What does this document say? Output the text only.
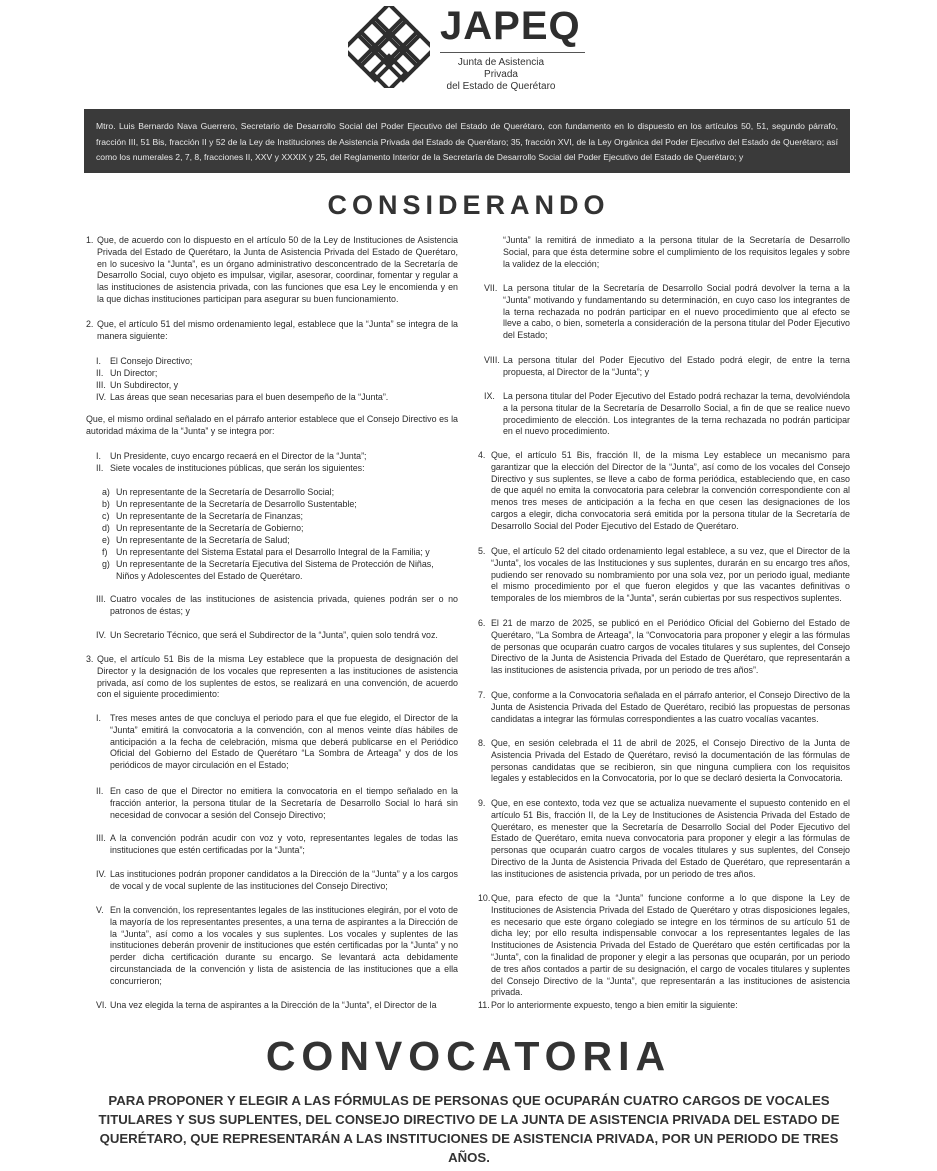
JAPEQ
Junta de Asistencia Privada
del Estado de Querétaro

Mtro. Luis Bernardo Nava Guerrero, Secretario de Desarrollo Social del Poder Ejecutivo del Estado de Querétaro, con fundamento en lo dispuesto en los artículos 50, 51, segundo párrafo, fracción III, 51 Bis, fracción II y 52 de la Ley de Instituciones de Asistencia Privada del Estado de Querétaro; 35, fracción XVI, de la Ley Orgánica del Poder Ejecutivo del Estado de Querétaro; así como los numerales 2, 7, 8, fracciones II, XXV y XXXIX y 25, del Reglamento Interior de la Secretaría de Desarrollo Social del Poder Ejecutivo del Estado de Querétaro; y

CONSIDERANDO
1. Que, de acuerdo con lo dispuesto en el artículo 50 de la Ley de Instituciones de Asistencia Privada del Estado de Querétaro, la Junta de Asistencia Privada del Estado de Querétaro, en lo sucesivo la “Junta”, es un órgano administrativo desconcentrado de la Secretaría de Desarrollo Social, cuyo objeto es impulsar, vigilar, asesorar, coordinar, fomentar y regular a las instituciones de asistencia privada, con las funciones que esa Ley le encomienda y en la que dichas instituciones participan para asegurar su buen funcionamiento.

2. Que, el artículo 51 del mismo ordenamiento legal, establece que la “Junta” se integra de la manera siguiente:

I. El Consejo Directivo;
II. Un Director;
III. Un Subdirector, y
IV. Las áreas que sean necesarias para el buen desempeño de la “Junta”.

Que, el mismo ordinal señalado en el párrafo anterior establece que el Consejo Directivo es la autoridad máxima de la “Junta” y se integra por:

I. Un Presidente, cuyo encargo recaerá en el Director de la “Junta”;
II. Siete vocales de instituciones públicas, que serán los siguientes:
a) Un representante de la Secretaría de Desarrollo Social;
b) Un representante de la Secretaría de Desarrollo Sustentable;
c) Un representante de la Secretaría de Finanzas;
d) Un representante de la Secretaría de Gobierno;
e) Un representante de la Secretaría de Salud;
f) Un representante del Sistema Estatal para el Desarrollo Integral de la Familia; y
g) Un representante de la Secretaría Ejecutiva del Sistema de Protección de Niñas, Niños y Adolescentes del Estado de Querétaro.

III. Cuatro vocales de las instituciones de asistencia privada, quienes podrán ser o no patronos de éstas; y

IV. Un Secretario Técnico, que será el Subdirector de la “Junta”, quien solo tendrá voz.

3. Que, el artículo 51 Bis de la misma Ley establece que la propuesta de designación del Director y la designación de los vocales que representen a las instituciones de asistencia privada, así como de los suplentes de estos, se realizará en una convención, de acuerdo con el siguiente procedimiento:

I.	Tres meses antes de que concluya el periodo para el que fue elegido, el Director de la “Junta” emitirá la convocatoria a la convención, con al menos veinte días hábiles de anticipación a la fecha de celebración, misma que deberá publicarse en el Periódico Oficial del Gobierno del Estado de Querétaro “La Sombra de Arteaga” y dos de los periódicos de mayor circulación en el Estado;

II. En caso de que el Director no emitiera la convocatoria en el tiempo señalado en la fracción anterior, la persona titular de la Secretaría de Desarrollo Social lo hará sin necesidad de convocar a sesión del Consejo Directivo;

III. A la convención podrán acudir con voz y voto, representantes legales de todas las instituciones que estén certificadas por la “Junta”;

IV. Las instituciones podrán proponer candidatos a la Dirección de la “Junta” y a los cargos de vocal y de vocal suplente de las instituciones del Consejo Directivo;

V. En la convención, los representantes legales de las instituciones elegirán, por el voto de la mayoría de los representantes presentes, a una terna de aspirantes a la Dirección de la “Junta”, así como a los vocales y sus suplentes. Los vocales y suplentes de las instituciones deberán provenir de instituciones que estén certificadas por la “Junta” y no perder dicha certificación durante su encargo. Se levantará acta debidamente circunstanciada de la convención y lista de asistencia de las instituciones que a ella concurrieron;

VI. Una vez elegida la terna de aspirantes a la Dirección de la “Junta”, el Director de la

“Junta” la remitirá de inmediato a la persona titular de la Secretaría de Desarrollo Social, para que ésta determine sobre el cumplimiento de los requisitos legales y sobre la validez de la elección;

VII. La persona titular de la Secretaría de Desarrollo Social podrá devolver la terna a la “Junta” motivando y fundamentando su determinación, en cuyo caso los integrantes de la terna rechazada no podrán participar en el nuevo procedimiento que al efecto se lleve a cabo, o bien, someterla a consideración de la persona titular del Poder Ejecutivo del Estado;

VIII. La persona titular del Poder Ejecutivo del Estado podrá elegir, de entre la terna propuesta, al Director de la “Junta”; y

IX. La persona titular del Poder Ejecutivo del Estado podrá rechazar la terna, devolviéndola a la persona titular de la Secretaría de Desarrollo Social, a fin de que se realice nuevo procedimiento de elección. Los integrantes de la terna rechazada no podrán participar en el nuevo procedimiento.

4. Que, el artículo 51 Bis, fracción II, de la misma Ley establece un mecanismo para garantizar que la elección del Director de la “Junta”, así como de los vocales del Consejo Directivo y sus suplentes, se lleve a cabo de forma periódica, estableciendo que, en caso de que aquél no emita la convocatoria para celebrar la convención correspondiente con al menos tres meses de anticipación a la fecha en que cesen las designaciones de los cargos a elegir, dicha convocatoria será emitida por la persona titular de la Secretaría de Desarrollo Social del Poder Ejecutivo del Estado de Querétaro.

5. Que, el artículo 52 del citado ordenamiento legal establece, a su vez, que el Director de la “Junta”, los vocales de las Instituciones y sus suplentes, durarán en su encargo tres años, pudiendo ser renovado su nombramiento por una sola vez, por un periodo igual, mediante el mismo procedimiento por el que fueron elegidos y que las vacantes definitivas o temporales de los miembros de la “Junta”, serán cubiertas por sus respectivos suplentes.

6. El 21 de marzo de 2025, se publicó en el Periódico Oficial del Gobierno del Estado de Querétaro, “La Sombra de Arteaga”, la “Convocatoria para proponer y elegir a las fórmulas de personas que ocuparán cuatro cargos de vocales titulares y sus suplentes, del Consejo Directivo de la Junta de Asistencia Privada del Estado de Querétaro, que representarán a las instituciones de asistencia privada, por un periodo de tres años”.

7. Que, conforme a la Convocatoria señalada en el párrafo anterior, el Consejo Directivo de la Junta de Asistencia Privada del Estado de Querétaro, recibió las propuestas de personas candidatas a integrar las fórmulas correspondientes a las cuatro vocalías vacantes.

8. Que, en sesión celebrada el 11 de abril de 2025, el Consejo Directivo de la Junta de Asistencia Privada del Estado de Querétaro, revisó la documentación de las fórmulas de personas candidatas que se recibieron, sin que ninguna cumpliera con los requisitos legales y establecidos en la Convocatoria, por lo que se declaró desierta la Convocatoria.

9. Que, en ese contexto, toda vez que se actualiza nuevamente el supuesto contenido en el artículo 51 Bis, fracción II, de la Ley de Instituciones de Asistencia Privada del Estado de Querétaro, es menester que la Secretaría de Desarrollo Social del Poder Ejecutivo del Estado de Querétaro, emita nueva convocatoria para proponer y elegir a las fórmulas de personas que ocuparán cuatro cargos de vocales titulares y sus suplentes, del Consejo Directivo de la Junta de Asistencia Privada del Estado de Querétaro, que representarán a las instituciones de asistencia privada, por un periodo de tres años.

10. Que, para efecto de que la “Junta” funcione conforme a lo que dispone la Ley de Instituciones de Asistencia Privada del Estado de Querétaro y otras disposiciones legales, es necesario que este órgano colegiado se integre en los términos de su artículo 51 de dicha ley; por ello resulta indispensable convocar a los representantes legales de las Instituciones de Asistencia Privada del Estado de Querétaro que estén certificadas por la “Junta”, con la finalidad de proponer y elegir a las personas que ocuparán, por un periodo de tres años contados a partir de su designación, el cargo de vocales titulares y suplentes del Consejo Directivo de la “Junta”, que representarán a las instituciones de asistencia privada.

11. Por lo anteriormente expuesto, tengo a bien emitir la siguiente:

CONVOCATORIA
PARA PROPONER Y ELEGIR A LAS FÓRMULAS DE PERSONAS QUE OCUPARÁN CUATRO CARGOS DE VOCALES TITULARES Y SUS SUPLENTES, DEL CONSEJO DIRECTIVO DE LA JUNTA DE ASISTENCIA PRIVADA DEL ESTADO DE QUERÉTARO, QUE REPRESENTARÁN A LAS INSTITUCIONES DE ASISTENCIA PRIVADA, POR UN PERIODO DE TRES AÑOS.
